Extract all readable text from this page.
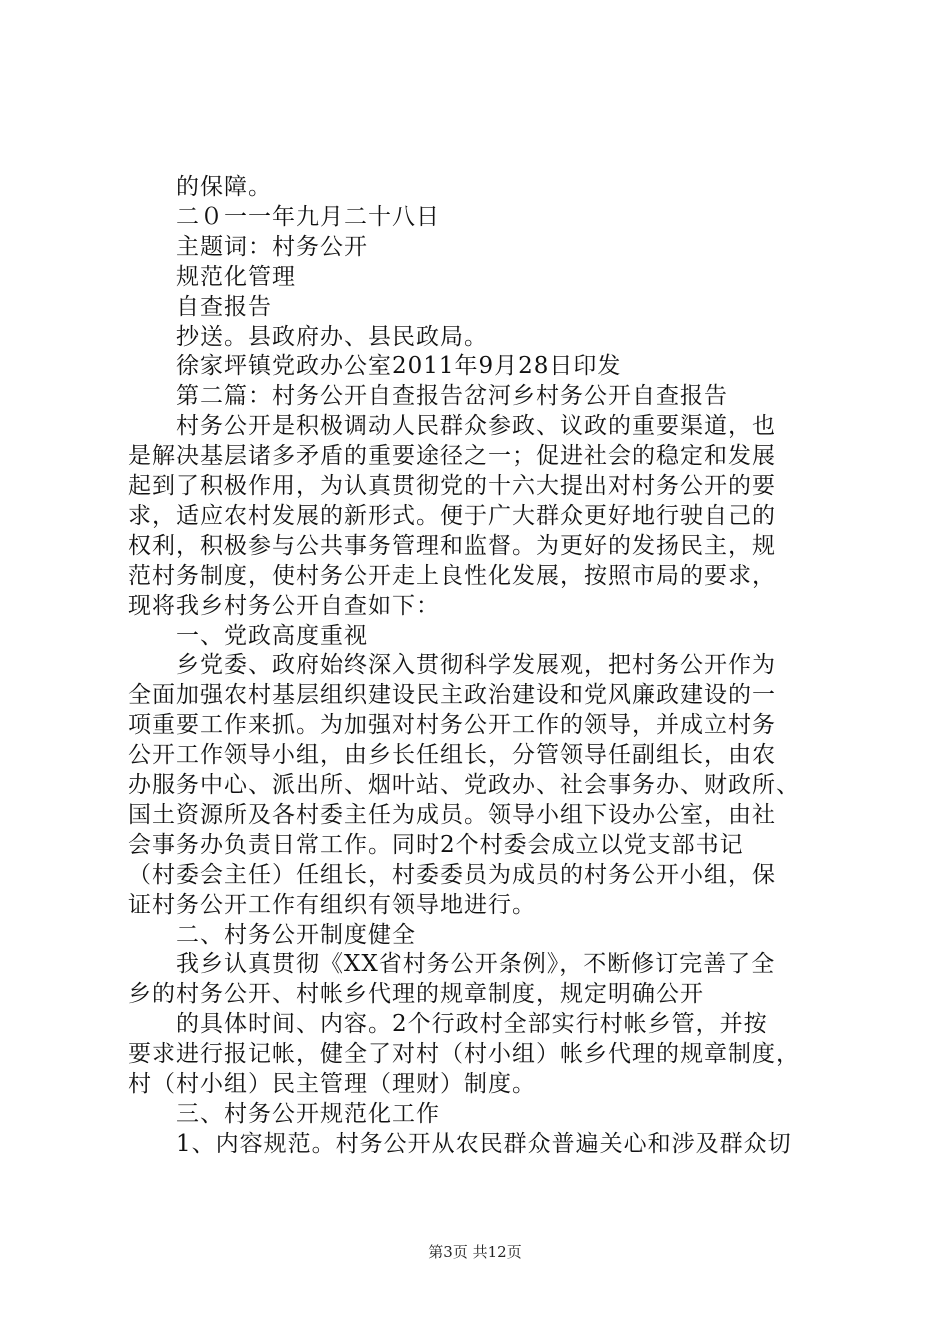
的保障。
二０一一年九月二十八日
主题词：村务公开
规范化管理
自查报告
抄送。县政府办、县民政局。
徐家坪镇党政办公室2011年9月28日印发
第二篇：村务公开自查报告岔河乡村务公开自查报告
村务公开是积极调动人民群众参政、议政的重要渠道，也
是解决基层诸多矛盾的重要途径之一；促进社会的稳定和发展
起到了积极作用，为认真贯彻党的十六大提出对村务公开的要
求，适应农村发展的新形式。便于广大群众更好地行驶自己的
权利，积极参与公共事务管理和监督。为更好的发扬民主，规
范村务制度，使村务公开走上良性化发展，按照市局的要求，
现将我乡村务公开自查如下：
一、党政高度重视
乡党委、政府始终深入贯彻科学发展观，把村务公开作为
全面加强农村基层组织建设民主政治建设和党风廉政建设的一
项重要工作来抓。为加强对村务公开工作的领导，并成立村务
公开工作领导小组，由乡长任组长，分管领导任副组长，由农
办服务中心、派出所、烟叶站、党政办、社会事务办、财政所、
国土资源所及各村委主任为成员。领导小组下设办公室，由社
会事务办负责日常工作。同时2个村委会成立以党支部书记
（村委会主任）任组长，村委委员为成员的村务公开小组，保
证村务公开工作有组织有领导地进行。
二、村务公开制度健全
我乡认真贯彻《XX省村务公开条例》，不断修订完善了全
乡的村务公开、村帐乡代理的规章制度，规定明确公开
的具体时间、内容。2个行政村全部实行村帐乡管，并按
要求进行报记帐，健全了对村（村小组）帐乡代理的规章制度，
村（村小组）民主管理（理财）制度。
三、村务公开规范化工作
1、内容规范。村务公开从农民群众普遍关心和涉及群众切
第3页 共12页
